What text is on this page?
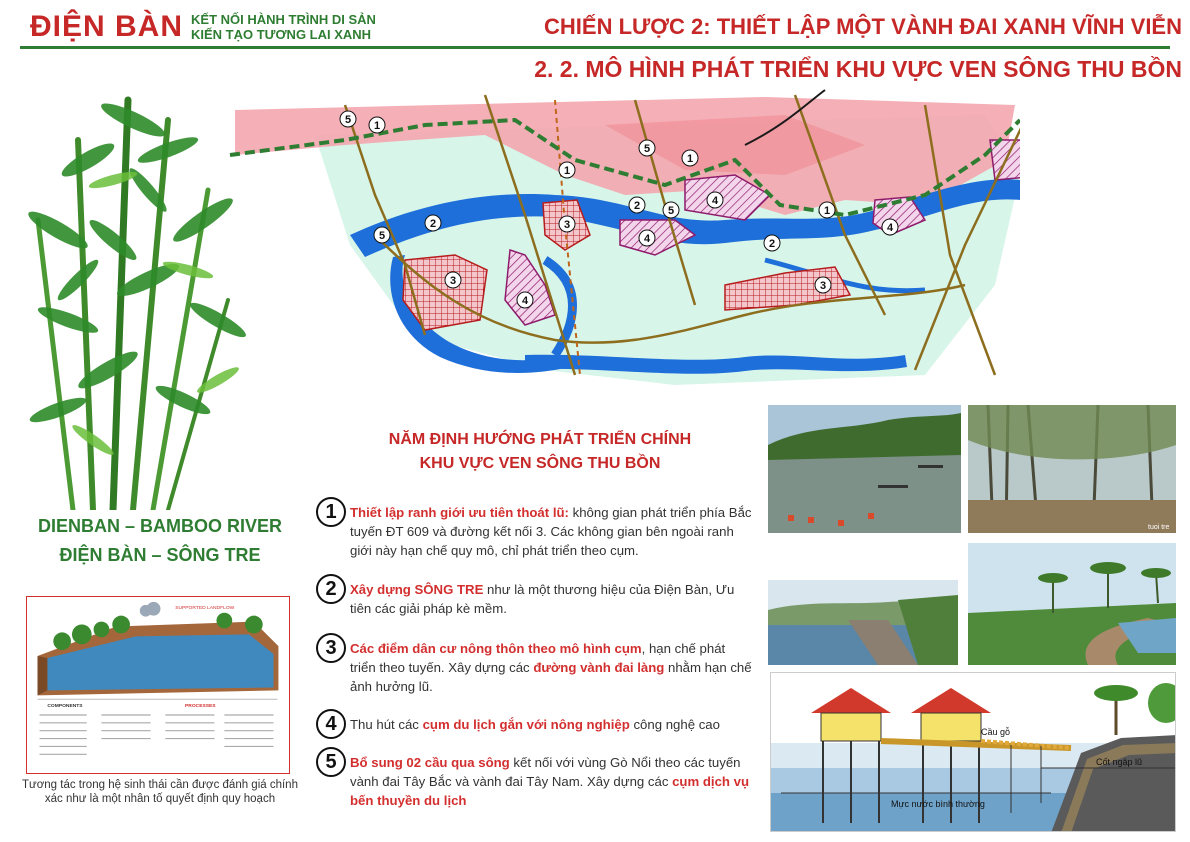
ĐIỆN BÀN KẾT NỐI HÀNH TRÌNH DI SẢN
KIẾN TẠO TƯƠNG LAI XANH	CHIẾN LƯỢC 2: THIẾT LẬP MỘT VÀNH ĐAI XANH VĨNH VIỄN
2. 2. MÔ HÌNH PHÁT TRIỂN KHU VỰC VEN SÔNG THU BỒN
5 1
1
5
1
2
5
3
2	5
4
4	2
1
4
3
4
3
DIENBAN – BAMBOO RIVER
ĐIỆN BÀN – SÔNG TRE
SUPPORTED LANDFLOW
COMPONENTS	PROCESSES
Tương tác trong hệ sinh thái cần được đánh giá chính xác như là một nhân tố quyết định quy hoạch
NĂM ĐỊNH HƯỚNG PHÁT TRIỂN CHÍNH
KHU VỰC VEN SÔNG THU BỒN
1	Thiết lập ranh giới ưu tiên thoát lũ: không gian phát triển phía Bắc tuyến ĐT 609 và đường kết nối 3. Các không gian bên ngoài ranh giới này hạn chế quy mô, chỉ phát triển theo cụm.
2	Xây dựng SÔNG TRE như là một thương hiệu của Điện Bàn, Ưu tiên các giải pháp kè mềm.
3	Các điểm dân cư nông thôn theo mô hình cụm, hạn chế phát triển theo tuyến. Xây dựng các đường vành đai làng nhằm hạn chế ảnh hưởng lũ.
4	Thu hút các cụm du lịch gắn với nông nghiệp công nghệ cao
5	Bổ sung 02 cầu qua sông kết nối với vùng Gò Nổi theo các tuyến vành đai Tây Bắc và vành đai Tây Nam. Xây dựng các cụm dịch vụ bến thuyền du lịch
tuoi tre
Cầu gỗ
Cốt ngập lũ
Mực nước bình thường
